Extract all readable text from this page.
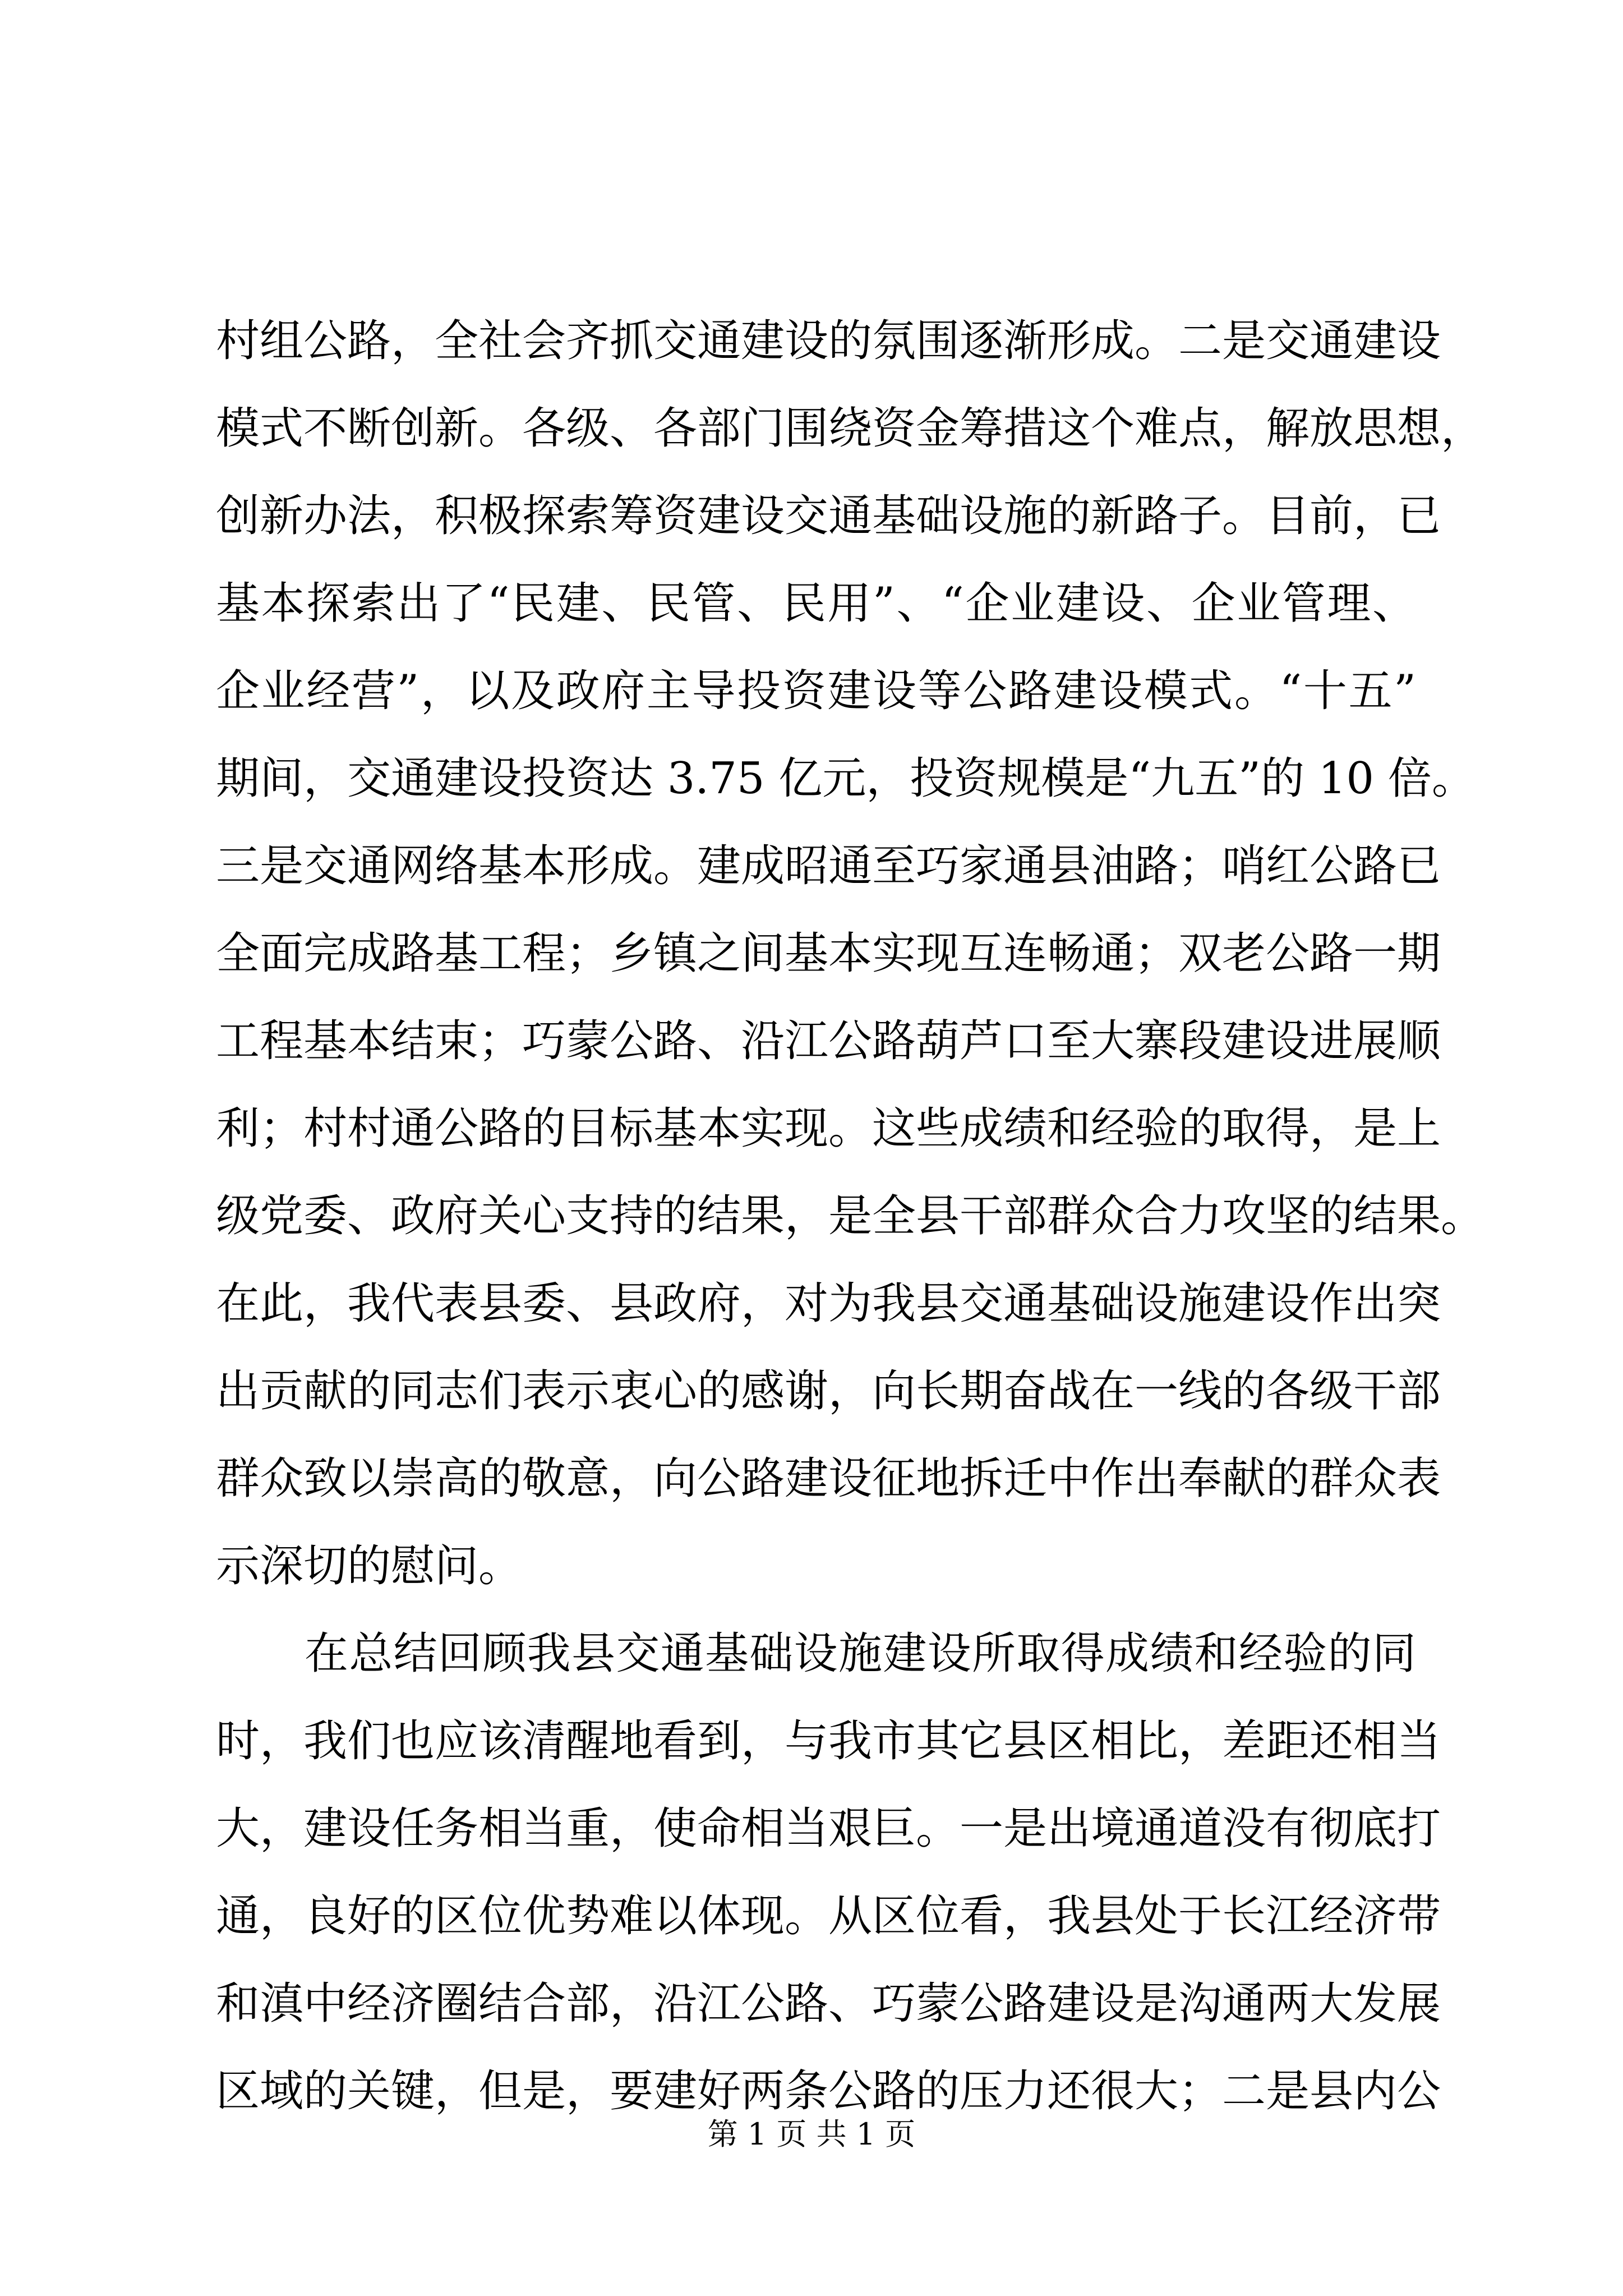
村组公路，全社会齐抓交通建设的氛围逐渐形成。二是交通建设
模式不断创新。各级、各部门围绕资金筹措这个难点，解放思想，
创新办法，积极探索筹资建设交通基础设施的新路子。目前，已
基本探索出了“民建、民管、民用”、“企业建设、企业管理、
企业经营”，以及政府主导投资建设等公路建设模式。“十五”
期间，交通建设投资达 3.75 亿元，投资规模是“九五”的 10 倍。
三是交通网络基本形成。建成昭通至巧家通县油路；哨红公路已
全面完成路基工程；乡镇之间基本实现互连畅通；双老公路一期
工程基本结束；巧蒙公路、沿江公路葫芦口至大寨段建设进展顺
利；村村通公路的目标基本实现。这些成绩和经验的取得，是上
级党委、政府关心支持的结果，是全县干部群众合力攻坚的结果。
在此，我代表县委、县政府，对为我县交通基础设施建设作出突
出贡献的同志们表示衷心的感谢，向长期奋战在一线的各级干部
群众致以崇高的敬意，向公路建设征地拆迁中作出奉献的群众表
示深切的慰问。
在总结回顾我县交通基础设施建设所取得成绩和经验的同
时，我们也应该清醒地看到，与我市其它县区相比，差距还相当
大，建设任务相当重，使命相当艰巨。一是出境通道没有彻底打
通，良好的区位优势难以体现。从区位看，我县处于长江经济带
和滇中经济圈结合部，沿江公路、巧蒙公路建设是沟通两大发展
区域的关键，但是，要建好两条公路的压力还很大；二是县内公
第 1 页 共 1 页
